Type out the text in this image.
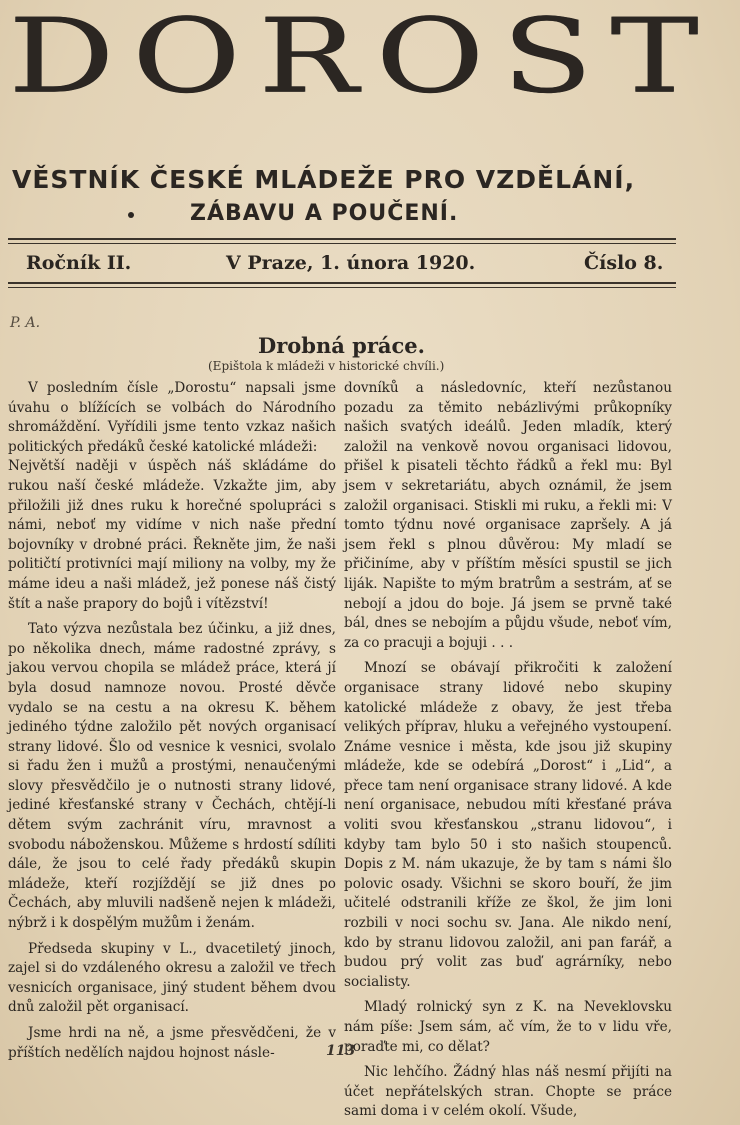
DOROST
VĚSTNÍK ČESKÉ MLÁDEŽE PRO VZDĚLÁNÍ,
ZÁBAVU A POUČENÍ.
Ročník II.	V Praze, 1. února 1920.	Číslo 8.
P. A.
Drobná práce.
(Epištola k mládeži v historické chvíli.)

V posledním čísle „Dorostu“ napsali jsme úvahu o blížících se volbách do Národního shromáždění. Vyřídili jsme tento vzkaz našich politických předáků české katolické mládeži:

Největší naději v úspěch náš skládáme do rukou naší české mládeže. Vzkažte jim, aby přiložili již dnes ruku k horečné spolupráci s námi, neboť my vidíme v nich naše přední bojovníky v drobné práci. Řekněte jim, že naši političtí protivníci mají miliony na volby, my že máme ideu a naši mládež, jež ponese náš čistý štít a naše prapory do bojů i vítězství!

Tato výzva nezůstala bez účinku, a již dnes, po několika dnech, máme radostné zprávy, s jakou vervou chopila se mládež práce, která jí byla dosud namnoze novou. Prosté děvče vydalo se na cestu a na okresu K. během jediného týdne založilo pět nových organisací strany lidové. Šlo od vesnice k vesnici, svolalo si řadu žen i mužů a prostými, nenaučenými slovy přesvědčilo je o nutnosti strany lidové, jediné křesťanské strany v Čechách, chtějí-li dětem svým zachránit víru, mravnost a svobodu náboženskou. Můžeme s hrdostí sdíliti dále, že jsou to celé řady předáků skupin mládeže, kteří rozjíždějí se již dnes po Čechách, aby mluvili nadšeně nejen k mládeži, nýbrž i k dospělým mužům i ženám.

Předseda skupiny v L., dvacetiletý jinoch, zajel si do vzdáleného okresu a založil ve třech vesnicích organisace, jiný student během dvou dnů založil pět organisací.

Jsme hrdi na ně, a jsme přesvědčeni, že v příštích nedělích najdou hojnost násle-

dovníků a následovníc, kteří nezůstanou pozadu za těmito nebázlivými průkopníky našich svatých ideálů. Jeden mladík, který založil na venkově novou organisaci lidovou, přišel k pisateli těchto řádků a řekl mu: Byl jsem v sekretariátu, abych oznámil, že jsem založil organisaci. Stiskli mi ruku, a řekli mi: V tomto týdnu nové organisace zapršely. A já jsem řekl s plnou důvěrou: My mladí se přičiníme, aby v příštím měsíci spustil se jich liják. Napište to mým bratrům a sestrám, ať se nebojí a jdou do boje. Já jsem se prvně také bál, dnes se nebojím a půjdu všude, neboť vím, za co pracuji a bojuji . . .

Mnozí se obávají přikročiti k založení organisace strany lidové nebo skupiny katolické mládeže z obavy, že jest třeba velikých příprav, hluku a veřejného vystoupení. Známe vesnice i města, kde jsou již skupiny mládeže, kde se odebírá „Dorost“ i „Lid“, a přece tam není organisace strany lidové. A kde není organisace, nebudou míti křesťané práva voliti svou křesťanskou „stranu lidovou“, i kdyby tam bylo 50 i sto našich stoupenců. Dopis z M. nám ukazuje, že by tam s námi šlo polovic osady. Všichni se skoro bouří, že jim učitelé odstranili kříže ze škol, že jim loni rozbili v noci sochu sv. Jana. Ale nikdo není, kdo by stranu lidovou založil, ani pan farář, a budou prý volit zas buď agrárníky, nebo socialisty.

Mladý rolnický syn z K. na Neveklovsku nám píše: Jsem sám, ač vím, že to v lidu vře, poraďte mi, co dělat?

Nic lehčího. Žádný hlas náš nesmí přijíti na účet nepřátelských stran. Chopte se práce sami doma i v celém okolí. Všude,

113
